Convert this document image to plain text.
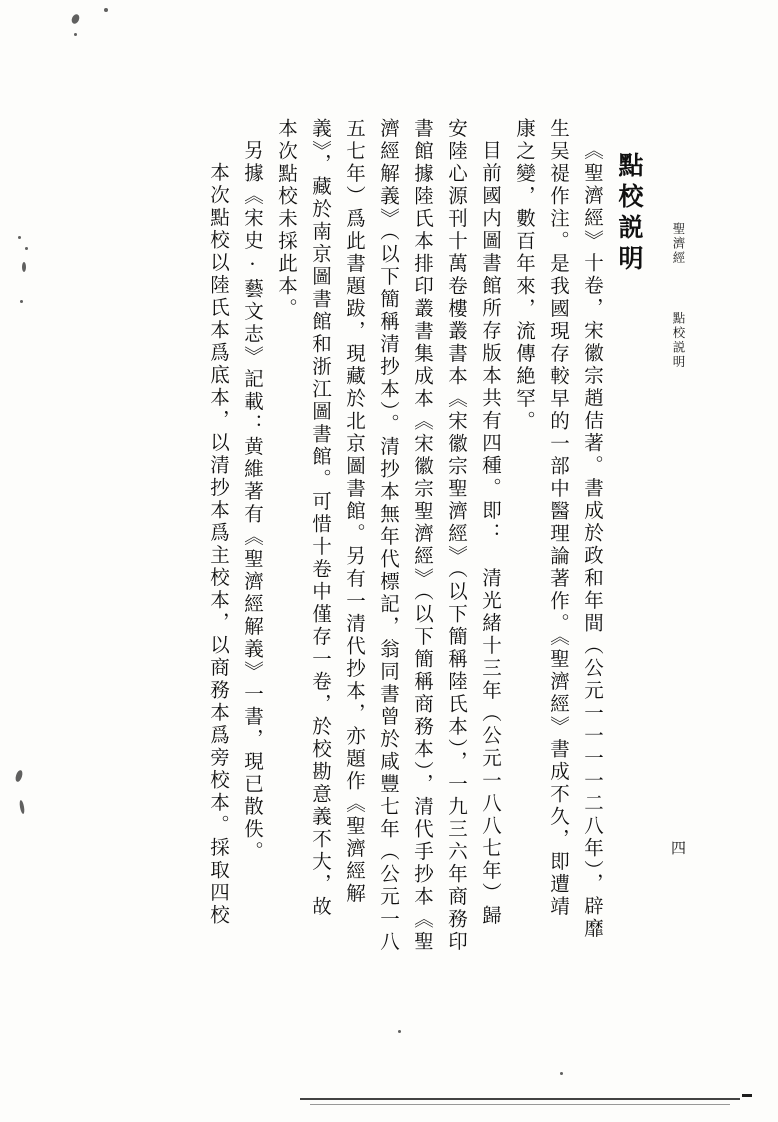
聖濟經  點校説明
四
點校説明
《聖濟經》十卷，宋徽宗趙佶著。書成於政和年間（公元一一一一二八年），辟靡
生吴禔作注。是我國現存較早的一部中醫理論著作。《聖濟經》書成不久，即遭靖
康之變，數百年來，流傳絶罕。
目前國内圖書館所存版本共有四種。即：　清光緒十三年（公元一八八七年）歸
安陸心源刊十萬卷樓叢書本《宋徽宗聖濟經》（以下簡稱陸氏本），一九三六年商務印
書館據陸氏本排印叢書集成本《宋徽宗聖濟經》（以下簡稱商務本），清代手抄本《聖
濟經解義》（以下簡稱清抄本）。清抄本無年代標記，翁同書曾於咸豐七年（公元一八
五七年）爲此書題跋，現藏於北京圖書館。另有一清代抄本，亦題作《聖濟經解
義》，藏於南京圖書館和浙江圖書館。可惜十卷中僅存一卷，於校勘意義不大，故
本次點校未採此本。
另據《宋史·藝文志》記載：黄維著有《聖濟經解義》一書，現已散佚。
本次點校以陸氏本爲底本，以清抄本爲主校本，以商務本爲旁校本。採取四校
